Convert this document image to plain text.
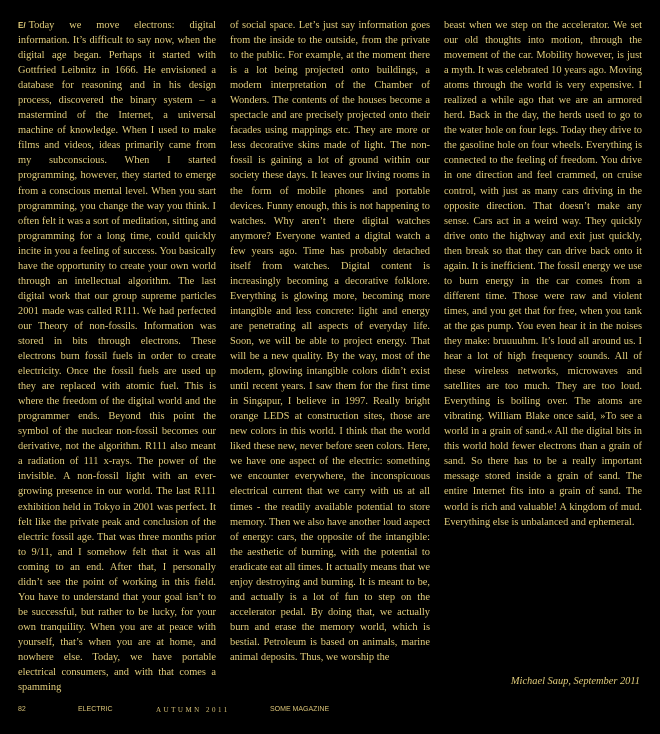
E/ Today we move electrons: digital information. It’s difficult to say now, when the digital age began. Perhaps it started with Gottfried Leibnitz in 1666. He envisioned a database for reasoning and in his design process, discovered the binary system – a mastermind of the Internet, a universal machine of knowledge. When I used to make films and videos, ideas primarily came from my subconscious. When I started programming, however, they started to emerge from a conscious mental level. When you start programming, you change the way you think. I often felt it was a sort of meditation, sitting and programming for a long time, could quickly incite in you a feeling of success. You basically have the opportunity to create your own world through an intellectual algorithm. The last digital work that our group supreme particles 2001 made was called R111. We had perfected our Theory of non-fossils. Information was stored in bits through electrons. These electrons burn fossil fuels in order to create electricity. Once the fossil fuels are used up they are replaced with atomic fuel. This is where the freedom of the digital world and the programmer ends. Beyond this point the symbol of the nuclear non-fossil becomes our derivative, not the algorithm. R111 also meant a radiation of 111 x-rays. The power of the invisible. A non-fossil light with an ever-growing presence in our world. The last R111 exhibition held in Tokyo in 2001 was perfect. It felt like the private peak and conclusion of the electric fossil age. That was three months prior to 9/11, and I somehow felt that it was all coming to an end. After that, I personally didn’t see the point of working in this field. You have to understand that your goal isn’t to be successful, but rather to be lucky, for your own tranquility. When you are at peace with yourself, that’s when you are at home, and nowhere else. Today, we have portable electrical consumers, and with that comes a spamming

of social space. Let’s just say information goes from the inside to the outside, from the private to the public. For example, at the moment there is a lot being projected onto buildings, a modern interpretation of the Chamber of Wonders. The contents of the houses become a spectacle and are precisely projected onto their facades using mappings etc. They are more or less decorative skins made of light. The non-fossil is gaining a lot of ground within our society these days. It leaves our living rooms in the form of mobile phones and portable devices. Funny enough, this is not happening to watches. Why aren’t there digital watches anymore? Everyone wanted a digital watch a few years ago. Time has probably detached itself from watches. Digital content is increasingly becoming a decorative folklore. Everything is glowing more, becoming more intangible and less concrete: light and energy are penetrating all aspects of everyday life. Soon, we will be able to project energy. That will be a new quality. By the way, most of the modern, glowing intangible colors didn’t exist until recent years. I saw them for the first time in Singapur, I believe in 1997. Really bright orange LEDS at construction sites, those are new colors in this world. I think that the world liked these new, never before seen colors. Here, we have one aspect of the electric: something we encounter everywhere, the inconspicuous electrical current that we carry with us at all times - the readily available potential to store memory. Then we also have another loud aspect of energy: cars, the opposite of the intangible: the aesthetic of burning, with the potential to eradicate eat all times. It actually means that we enjoy destroying and burning. It is meant to be, and actually is a lot of fun to step on the accelerator pedal. By doing that, we actually burn and erase the memory world, which is bestial. Petroleum is based on animals, marine animal deposits. Thus, we worship the

beast when we step on the accelerator. We set our old thoughts into motion, through the movement of the car. Mobility however, is just a myth. It was celebrated 10 years ago. Moving atoms through the world is very expensive. I realized a while ago that we are an armored herd. Back in the day, the herds used to go to the water hole on four legs. Today they drive to the gasoline hole on four wheels. Everything is connected to the feeling of freedom. You drive in one direction and feel crammed, on cruise control, with just as many cars driving in the opposite direction. That doesn’t make any sense. Cars act in a weird way. They quickly drive onto the highway and exit just quickly, then break so that they can drive back onto it again. It is inefficient. The fossil energy we use to burn energy in the car comes from a different time. Those were raw and violent times, and you get that for free, when you tank at the gas pump. You even hear it in the noises they make: bruuuuhm. It’s loud all around us. I hear a lot of high frequency sounds. All of these wireless networks, microwaves and satellites are too much. They are too loud. Everything is boiling over. The atoms are vibrating. William Blake once said, »To see a world in a grain of sand.« All the digital bits in this world hold fewer electrons than a grain of sand. So there has to be a really important message stored inside a grain of sand. The entire Internet fits into a grain of sand. The world is rich and valuable! A kingdom of mud. Everything else is unbalanced and ephemeral.

Michael Saup, September 2011
82	ELECTRIC	AUTUMN 2011	SOME MAGAZINE
